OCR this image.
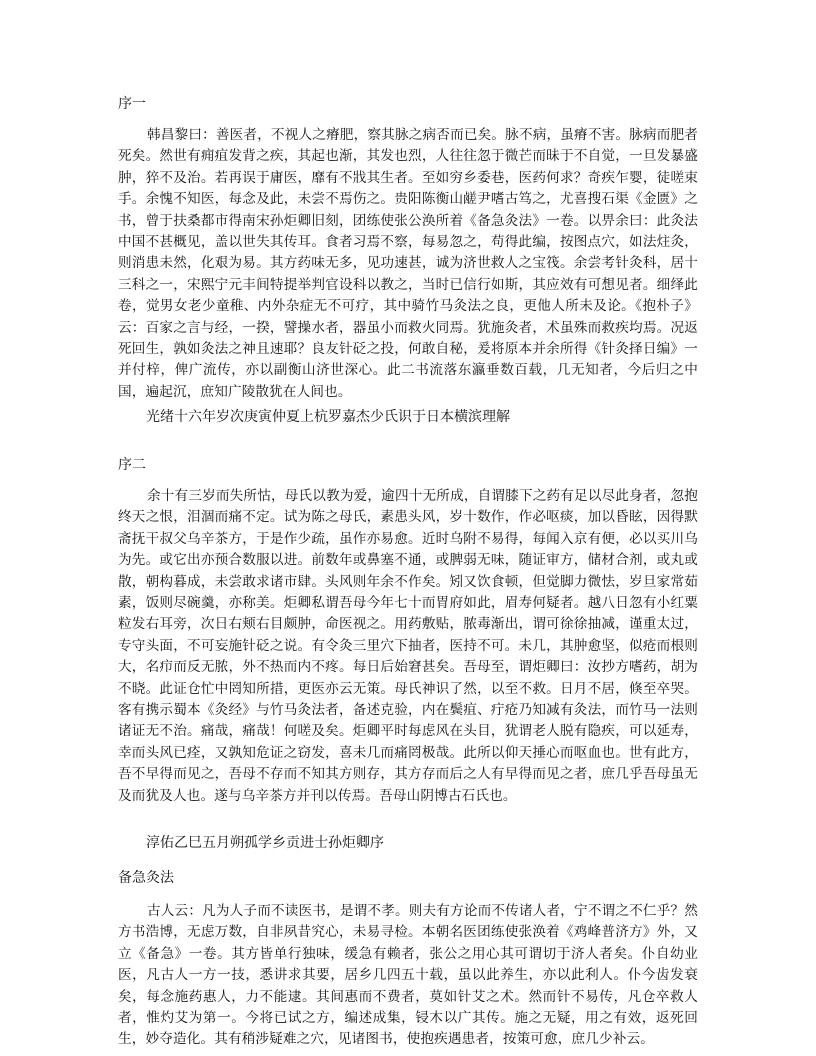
序一

韩昌黎曰：善医者，不视人之瘠肥，察其脉之病否而已矣。脉不病，虽瘠不害。脉病而肥者死矣。然世有痈疽发背之疾，其起也渐，其发也烈，人往往忽于微芒而昧于不自觉，一旦发暴盛肿，猝不及治。若再误于庸医，靡有不戕其生者。至如穷乡委巷，医药何求？奇疾乍婴，徒嗟束手。余愧不知医，每念及此，未尝不焉伤之。贵阳陈衡山鹾尹嗜古笃之，尤喜搜石渠《金匮》之书，曾于扶桑都市得南宋孙炬卿旧刻，团练使张公涣所着《备急灸法》一卷。以畀余曰：此灸法中国不甚概见，盖以世失其传耳。食者习焉不察，每易忽之，苟得此编，按图点穴，如法炷灸，则消患未然，化艰为易。其方药味无多，见功速甚，诚为济世救人之宝筏。余尝考针灸科，居十三科之一，宋熙宁元丰间特提举判官设科以教之，当时已信行如斯，其应效有可想见者。细绎此卷，觉男女老少童稚、内外杂症无不可疗，其中骑竹马灸法之良，更他人所未及论。《抱朴子》云：百家之言与经，一揆，譬操水者，器虽小而救火同焉。犹施灸者，术虽殊而救疾均焉。况返死回生，孰如灸法之神且速耶？良友针砭之投，何敢自秘，爰将原本并余所得《针灸择日编》一并付梓，俾广流传，亦以副衡山济世深心。此二书流落东瀛垂数百载，几无知者，今后归之中国，遍起沉，庶知广陵散犹在人间也。

光绪十六年岁次庚寅仲夏上杭罗嘉杰少氏识于日本横滨理解

序二

余十有三岁而失所怙，母氏以教为爱，逾四十无所成，自谓膝下之药有足以尽此身者，忽抱终天之恨，泪涸而痛不定。试为陈之母氏，素患头风，岁十数作，作必呕痰，加以昏眩，因得默斋抚干叔父乌辛茶方，于是作少疏，虽作亦易愈。近时乌附不易得，每闻入京有便，必以买川乌为先。或它出亦预合数服以进。前数年或鼻塞不通，或脾弱无味，随证审方，储材合剂，或丸或散，朝构暮成，未尝敢求诸市肆。头风则年余不作矣。矧又饮食顿，但觉脚力微怯，岁旦家常茹素，饭则尽碗羹，亦称美。炬卿私谓吾母今年七十而胃府如此，眉寿何疑者。越八日忽有小红粟粒发右耳旁，次日右颊右目颇肿，命医视之。用药敷贴，脓毒渐出，谓可徐徐抽减，谨重太过，专守头面，不可妄施针砭之说。有令灸三里穴下抽者，医持不可。未几，其肿愈坚，似疮而根则大，名疖而反无脓，外不热而内不疼。每日后始窘甚矣。吾母至，谓炬卿曰：汝抄方嗜药，胡为不晓。此证仓忙中罔知所措，更医亦云无策。母氏神识了然，以至不救。日月不居，倏至卒哭。客有携示蜀本《灸经》与竹马灸法者，备述克验，内在鬓疽、疔疮乃知减有灸法，而竹马一法则诸证无不治。痛哉，痛哉！何嗟及矣。炬卿平时每虑风在头目，犹谓老人脱有隐疾，可以延寿，幸而头风已痊，又孰知危证之窃发，喜未几而痛罔极哉。此所以仰天捶心而呕血也。世有此方，吾不早得而见之，吾母不存而不知其方则存，其方存而后之人有早得而见之者，庶几乎吾母虽无及而犹及人也。遂与乌辛茶方并刊以传焉。吾母山阴博古石氏也。

淳佑乙巳五月朔孤学乡贡进士孙炬卿序

备急灸法

古人云：凡为人子而不读医书，是谓不孝。则夫有方论而不传诸人者，宁不谓之不仁乎？然方书浩博，无虑万数，自非夙昔究心，未易寻检。本朝名医团练使张涣着《鸡峰普济方》外，又立《备急》一卷。其方皆单行独味，缓急有赖者，张公之用心其可谓切于济人者矣。仆自幼业医，凡古人一方一技，悉讲求其要，居乡几四五十载，虽以此养生，亦以此利人。仆今齿发衰矣，每念施药惠人，力不能逮。其间惠而不费者，莫如针艾之术。然而针不易传，凡仓卒救人者，惟灼艾为第一。今将已试之方，编述成集，锓木以广其传。施之无疑，用之有效，返死回生，妙夺造化。其有稍涉疑难之穴，见诸图书，使抱疾遇患者，按策可愈，庶几少补云。
